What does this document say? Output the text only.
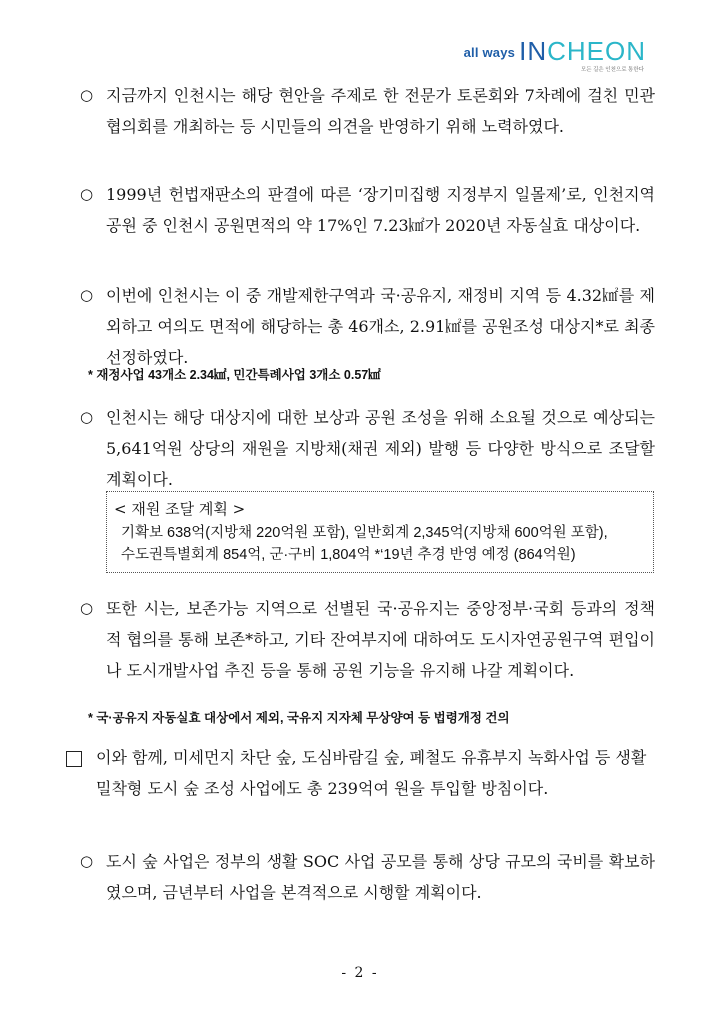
all ways INCHEON
모든 길은 인천으로 통한다
○ 지금까지 인천시는 해당 현안을 주제로 한 전문가 토론회와 7차례에 걸친 민관협의회를 개최하는 등 시민들의 의견을 반영하기 위해 노력하였다.
○ 1999년 헌법재판소의 판결에 따른 ‘장기미집행 지정부지 일몰제’로, 인천지역 공원 중 인천시 공원면적의 약 17%인 7.23㎢가 2020년 자동실효 대상이다.
○ 이번에 인천시는 이 중 개발제한구역과 국·공유지, 재정비 지역 등 4.32㎢를 제외하고 여의도 면적에 해당하는 총 46개소, 2.91㎢를 공원조성 대상지*로 최종 선정하였다.
* 재정사업 43개소 2.34㎢, 민간특례사업 3개소 0.57㎢
○ 인천시는 해당 대상지에 대한 보상과 공원 조성을 위해 소요될 것으로 예상되는 5,641억원 상당의 재원을 지방채(채권 제외) 발행 등 다양한 방식으로 조달할 계획이다.
< 재원 조달 계획 >
기확보 638억(지방채 220억원 포함), 일반회계 2,345억(지방채 600억원 포함),
수도권특별회계 854억, 군·구비 1,804억 *‘19년 추경 반영 예정 (864억원)
○ 또한 시는, 보존가능 지역으로 선별된 국·공유지는 중앙정부·국회 등과의 정책적 협의를 통해 보존*하고, 기타 잔여부지에 대하여도 도시자연공원구역 편입이나 도시개발사업 추진 등을 통해 공원 기능을 유지해 나갈 계획이다.
* 국·공유지 자동실효 대상에서 제외, 국유지 지자체 무상양여 등 법령개정 건의
이와 함께, 미세먼지 차단 숲, 도심바람길 숲, 폐철도 유휴부지 녹화사업 등 생활밀착형 도시 숲 조성 사업에도 총 239억여 원을 투입할 방침이다.
○ 도시 숲 사업은 정부의 생활 SOC 사업 공모를 통해 상당 규모의 국비를 확보하였으며, 금년부터 사업을 본격적으로 시행할 계획이다.
- 2 -
